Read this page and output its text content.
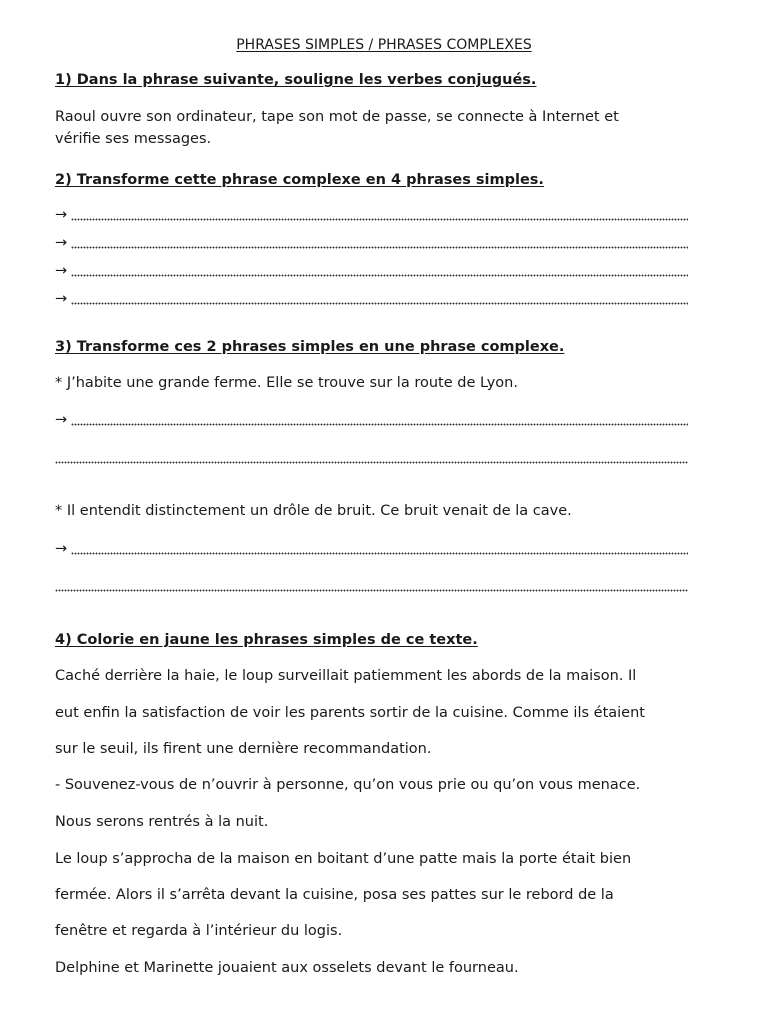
PHRASES SIMPLES / PHRASES COMPLEXES
1) Dans la phrase suivante, souligne les verbes conjugués.
Raoul ouvre son ordinateur, tape son mot de passe, se connecte à Internet et
vérifie ses messages.
2) Transforme cette phrase complexe en 4 phrases simples.
→
→
→
→
3) Transforme ces 2 phrases simples en une phrase complexe.
* J’habite une grande ferme. Elle se trouve sur la route de Lyon.
→
* Il entendit distinctement un drôle de bruit. Ce bruit venait de la cave.
→
4) Colorie en jaune les phrases simples de ce texte.
Caché derrière la haie, le loup surveillait patiemment les abords de la maison. Il
eut enfin la satisfaction de voir les parents sortir de la cuisine. Comme ils étaient
sur le seuil, ils firent une dernière recommandation.
- Souvenez-vous de n’ouvrir à personne, qu’on vous prie ou qu’on vous menace.
Nous serons rentrés à la nuit.
Le loup s’approcha de la maison en boitant d’une patte mais la porte était bien
fermée. Alors il s’arrêta devant la cuisine, posa ses pattes sur le rebord de la
fenêtre et regarda à l’intérieur du logis.
Delphine et Marinette jouaient aux osselets devant le fourneau.
